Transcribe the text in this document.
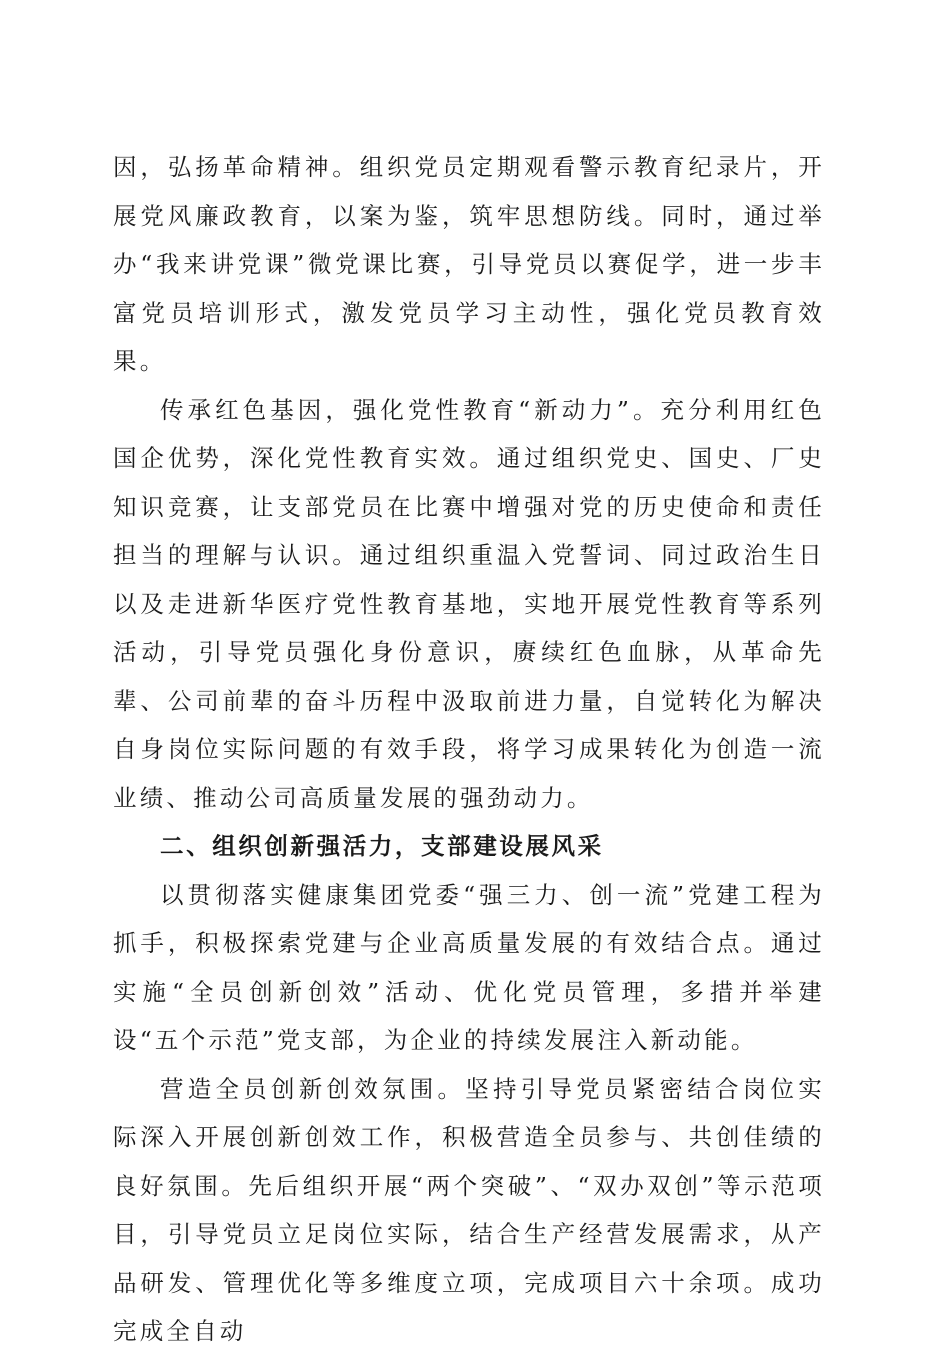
因，弘扬革命精神。组织党员定期观看警示教育纪录片，开展党风廉政教育，以案为鉴，筑牢思想防线。同时，通过举办“我来讲党课”微党课比赛，引导党员以赛促学，进一步丰富党员培训形式，激发党员学习主动性，强化党员教育效果。

传承红色基因，强化党性教育“新动力”。充分利用红色国企优势，深化党性教育实效。通过组织党史、国史、厂史知识竞赛，让支部党员在比赛中增强对党的历史使命和责任担当的理解与认识。通过组织重温入党誓词、同过政治生日以及走进新华医疗党性教育基地，实地开展党性教育等系列活动，引导党员强化身份意识，赓续红色血脉，从革命先辈、公司前辈的奋斗历程中汲取前进力量，自觉转化为解决自身岗位实际问题的有效手段，将学习成果转化为创造一流业绩、推动公司高质量发展的强劲动力。

二、组织创新强活力，支部建设展风采

以贯彻落实健康集团党委“强三力、创一流”党建工程为抓手，积极探索党建与企业高质量发展的有效结合点。通过实施“全员创新创效”活动、优化党员管理，多措并举建设“五个示范”党支部，为企业的持续发展注入新动能。

营造全员创新创效氛围。坚持引导党员紧密结合岗位实际深入开展创新创效工作，积极营造全员参与、共创佳绩的良好氛围。先后组织开展“两个突破”、“双办双创”等示范项目，引导党员立足岗位实际，结合生产经营发展需求，从产品研发、管理优化等多维度立项，完成项目六十余项。成功完成全自动
